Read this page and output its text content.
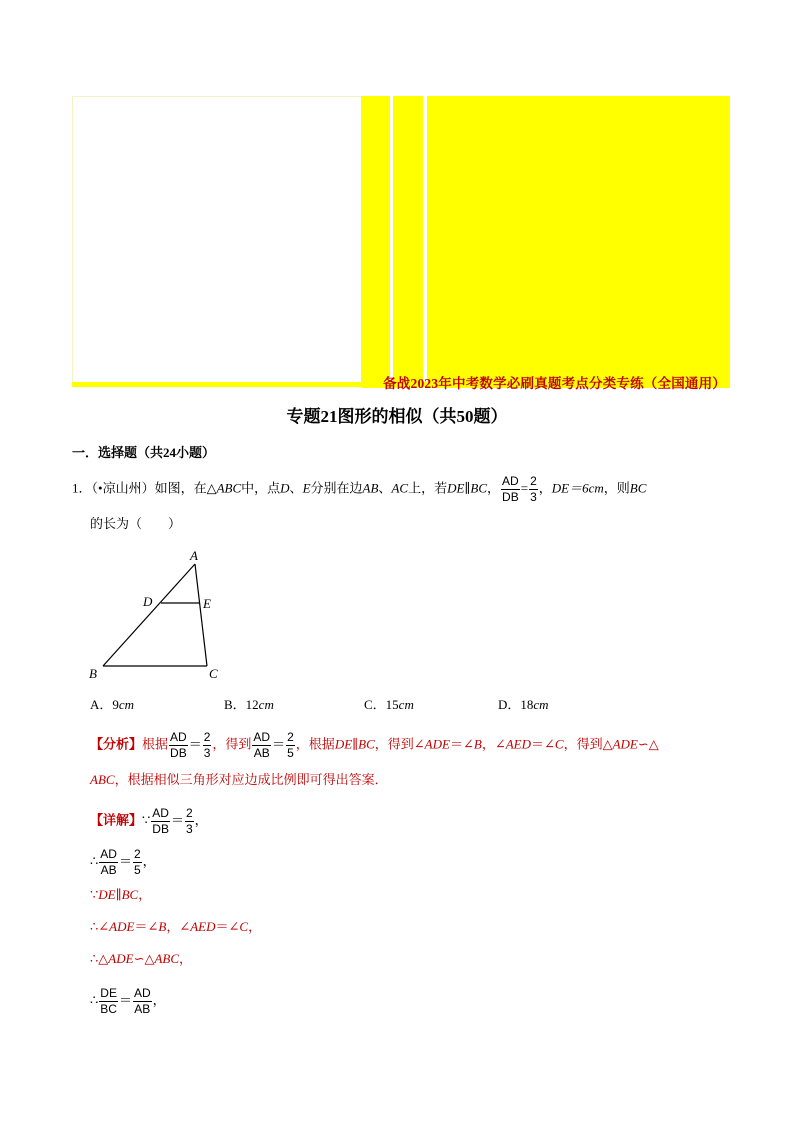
备战2023年中考数学必刷真题考点分类专练（全国通用）
专题21图形的相似（共50题）
一．选择题（共24小题）
1．（•凉山州）如图，在△ABC中，点D、E分别在边AB、AC上，若DE∥BC， $\frac{AD}{DB} = \frac{2}{3}$ ，DE＝6cm，则BC
的长为（　　）
A
D	E
B	C
A．9cm	B．12cm	C．15cm	D．18cm
【分析】根据 $\frac{AD}{DB} = \frac{2}{3}$ ，得到 $\frac{AD}{AB} = \frac{2}{5}$ ，根据DE∥BC，得到∠ADE＝∠B，∠AED＝∠C，得到△ADE∽△
ABC，根据相似三角形对应边成比例即可得出答案．
【详解】∵ $\frac{AD}{DB} = \frac{2}{3}$ ，
∴ $\frac{AD}{AB} = \frac{2}{5}$ ，
∵DE∥BC，
∴∠ADE＝∠B，∠AED＝∠C，
∴△ADE∽△ABC，
∴ $\frac{DE}{BC} = \frac{AD}{AB}$ ，
